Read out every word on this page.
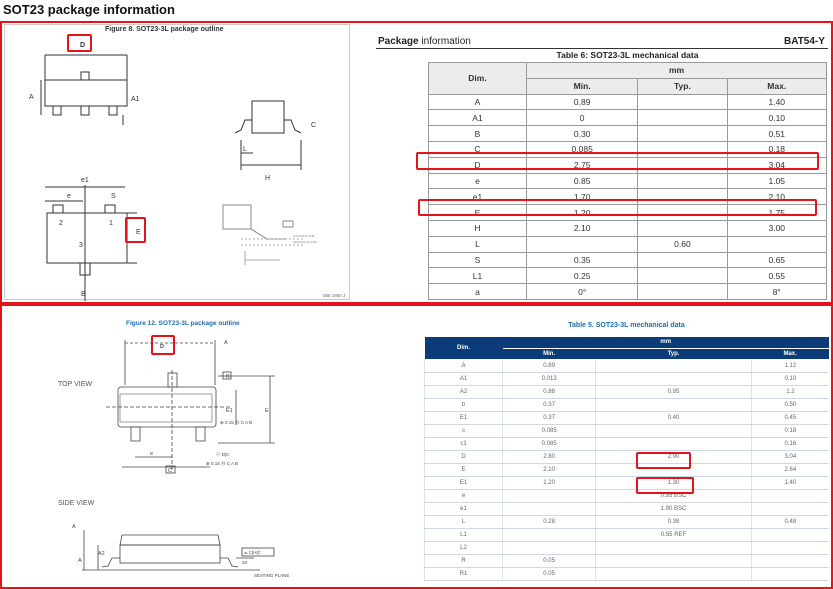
SOT23 package information
Figure 8. SOT23-3L package outline
A	A1
C
L
H
e1
e	S
2	1
3
B
D
E	GAUGE PLANE
SEATING PLANE
065 1950 J
Package information	BAT54-Y
Table 6: SOT23-3L mechanical data
Dim.	mm		
	Min.	Typ.	Max.
A	0.89		1.40
A1	0		0.10
B	0.30		0.51
C	0.085		0.18
D	2.75		3.04
e	0.85		1.05
e1	1.70		2.10
E	1.20		1.75
H	2.10		3.00
L		0.60	
S	0.35		0.65
L1	0.25		0.55
a	0°		8°
Figure 12. SOT23-3L package outline
TOP VIEW
SIDE VIEW
A
B
E1	E
⊕ 0.15 Ⓜ C A B
⊕ 0.15 Ⓜ C A B
ⓞ D|C
e
C
A
A
A2	⌓ C|H|C
3X
SEATING PLANE
D
Table 5. SOT23-3L mechanical data
Dim.	mm		
	Min.	Typ.	Max.
A	0.89		1.12
A1	0.013		0.10
A2	0.88	0.95	1.2
b	0.37		0.50
E1	0.37	0.40	0.45
c	0.085		0.18
c1	0.085		0.16
D	2.80	2.90	3.04
E	2.10		2.64
E1	1.20	1.30	1.40
e		0.95 BSC	
e1		1.90 BSC	
L	0.28	0.38	0.48
L1		0.55 REF	
L2			
R	0.05		
R1	0.05		
